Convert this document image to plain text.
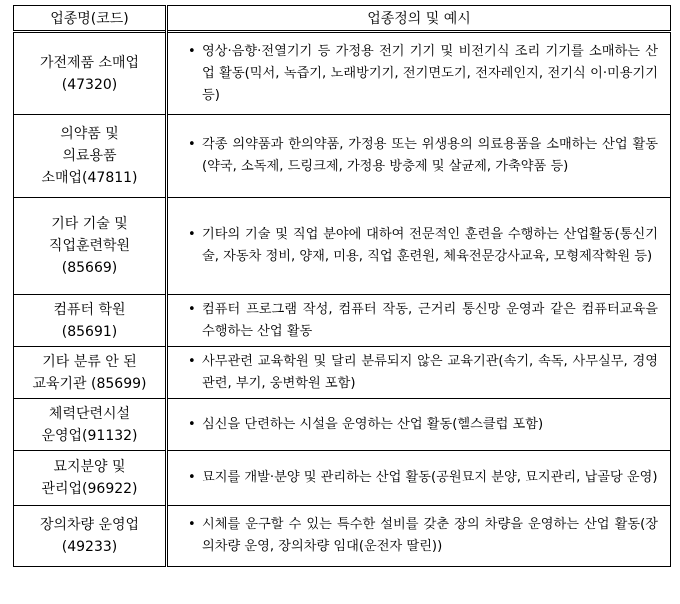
업종명(코드)	업종정의 및 예시

가전제품 소매업
(47320)	• 영상·음향·전열기기 등 가정용 전기 기기 및 비전기식 조리 기기를 소매하는 산업 활동(믹서, 녹즙기, 노래방기기, 전기면도기, 전자레인지, 전기식 이·미용기기 등)

의약품 및
의료용품
소매업(47811)	• 각종 의약품과 한의약품, 가정용 또는 위생용의 의료용품을 소매하는 산업 활동(약국, 소독제, 드링크제, 가정용 방충제 및 살균제, 가축약품 등)

기타 기술 및
직업훈련학원
(85669)	• 기타의 기술 및 직업 분야에 대하여 전문적인 훈련을 수행하는 산업활동(통신기술, 자동차 정비, 양재, 미용, 직업 훈련원, 체육전문강사교육, 모형제작학원 등)

컴퓨터 학원
(85691)	• 컴퓨터 프로그램 작성, 컴퓨터 작동, 근거리 통신망 운영과 같은 컴퓨터교육을 수행하는 산업 활동

기타 분류 안 된
교육기관 (85699)	• 사무관련 교육학원 및 달리 분류되지 않은 교육기관(속기, 속독, 사무실무, 경영관련, 부기, 웅변학원 포함)

체력단련시설
운영업(91132)	• 심신을 단련하는 시설을 운영하는 산업 활동(헬스클럽 포함)

묘지분양 및
관리업(96922)	• 묘지를 개발·분양 및 관리하는 산업 활동(공원묘지 분양, 묘지관리, 납골당 운영)

장의차량 운영업
(49233)	• 시체를 운구할 수 있는 특수한 설비를 갖춘 장의 차량을 운영하는 산업 활동(장의차량 운영, 장의차량 임대(운전자 딸린))
